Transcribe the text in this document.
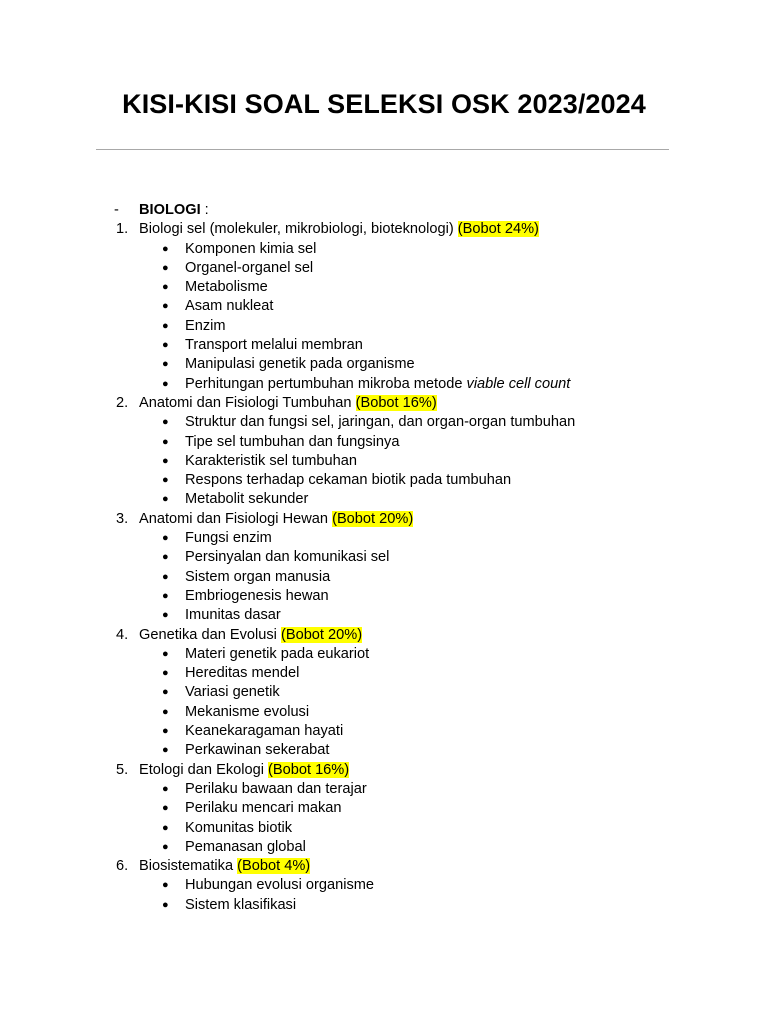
KISI-KISI SOAL SELEKSI OSK 2023/2024
- BIOLOGI :
1. Biologi sel (molekuler, mikrobiologi, bioteknologi) (Bobot 24%)
● Komponen kimia sel
● Organel-organel sel
● Metabolisme
● Asam nukleat
● Enzim
● Transport melalui membran
● Manipulasi genetik pada organisme
● Perhitungan pertumbuhan mikroba metode viable cell count
2. Anatomi dan Fisiologi Tumbuhan (Bobot 16%)
● Struktur dan fungsi sel, jaringan, dan organ-organ tumbuhan
● Tipe sel tumbuhan dan fungsinya
● Karakteristik sel tumbuhan
● Respons terhadap cekaman biotik pada tumbuhan
● Metabolit sekunder
3. Anatomi dan Fisiologi Hewan (Bobot 20%)
● Fungsi enzim
● Persinyalan dan komunikasi sel
● Sistem organ manusia
● Embriogenesis hewan
● Imunitas dasar
4. Genetika dan Evolusi (Bobot 20%)
● Materi genetik pada eukariot
● Hereditas mendel
● Variasi genetik
● Mekanisme evolusi
● Keanekaragaman hayati
● Perkawinan sekerabat
5. Etologi dan Ekologi (Bobot 16%)
● Perilaku bawaan dan terajar
● Perilaku mencari makan
● Komunitas biotik
● Pemanasan global
6. Biosistematika (Bobot 4%)
● Hubungan evolusi organisme
● Sistem klasifikasi
